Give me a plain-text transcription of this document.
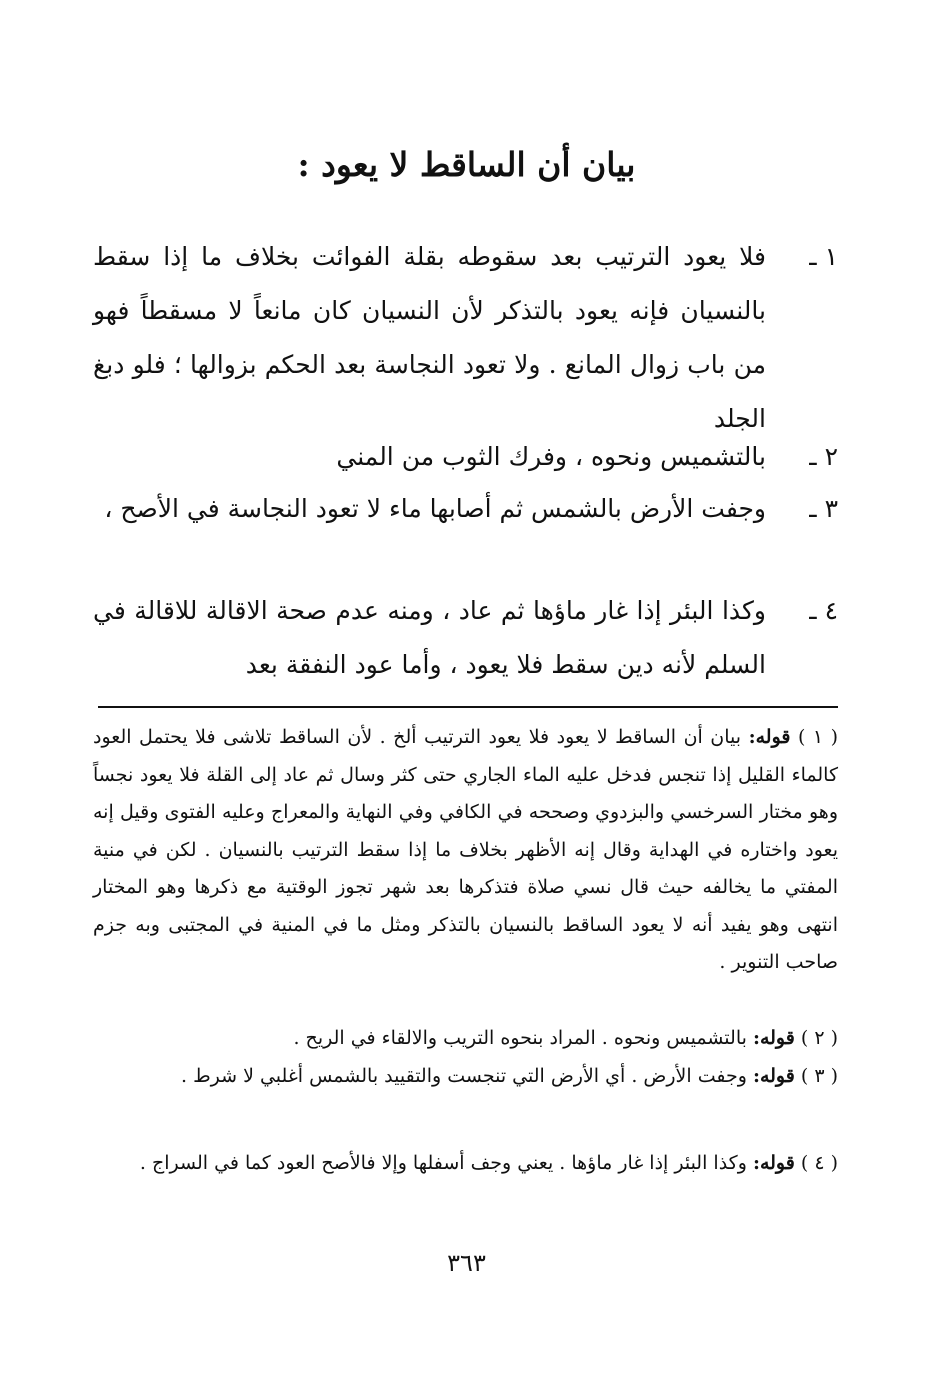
بيان أن الساقط لا يعود :
١ ـ
فلا يعود الترتيب بعد سقوطه بقلة الفوائت بخلاف ما إذا سقط بالنسيان فإنه يعود بالتذكر لأن النسيان كان مانعاً لا مسقطاً فهو من باب زوال المانع . ولا تعود النجاسة بعد الحكم بزوالها ؛ فلو دبغ الجلد
٢ ـ
بالتشميس ونحوه ، وفرك الثوب من المني
٣ ـ
وجفت الأرض بالشمس ثم أصابها ماء لا تعود النجاسة في الأصح ،
٤ ـ
وكذا البئر إذا غار ماؤها ثم عاد ، ومنه عدم صحة الاقالة للاقالة في السلم لأنه دين سقط فلا يعود ، وأما عود النفقة بعد
( ١ ) قوله: بيان أن الساقط لا يعود فلا يعود الترتيب ألخ . لأن الساقط تلاشى فلا يحتمل العود كالماء القليل إذا تنجس فدخل عليه الماء الجاري حتى كثر وسال ثم عاد إلى القلة فلا يعود نجساً وهو مختار السرخسي والبزدوي وصححه في الكافي وفي النهاية والمعراج وعليه الفتوى وقيل إنه يعود واختاره في الهداية وقال إنه الأظهر بخلاف ما إذا سقط الترتيب بالنسيان . لكن في منية المفتي ما يخالفه حيث قال نسي صلاة فتذكرها بعد شهر تجوز الوقتية مع ذكرها وهو المختار انتهى وهو يفيد أنه لا يعود الساقط بالنسيان بالتذكر ومثل ما في المنية في المجتبى وبه جزم صاحب التنوير .
( ٢ ) قوله: بالتشميس ونحوه . المراد بنحوه التريب والالقاء في الريح .
( ٣ ) قوله: وجفت الأرض . أي الأرض التي تنجست والتقييد بالشمس أغلبي لا شرط .
( ٤ ) قوله: وكذا البئر إذا غار ماؤها . يعني وجف أسفلها وإلا فالأصح العود كما في السراج .
٣٦٣
